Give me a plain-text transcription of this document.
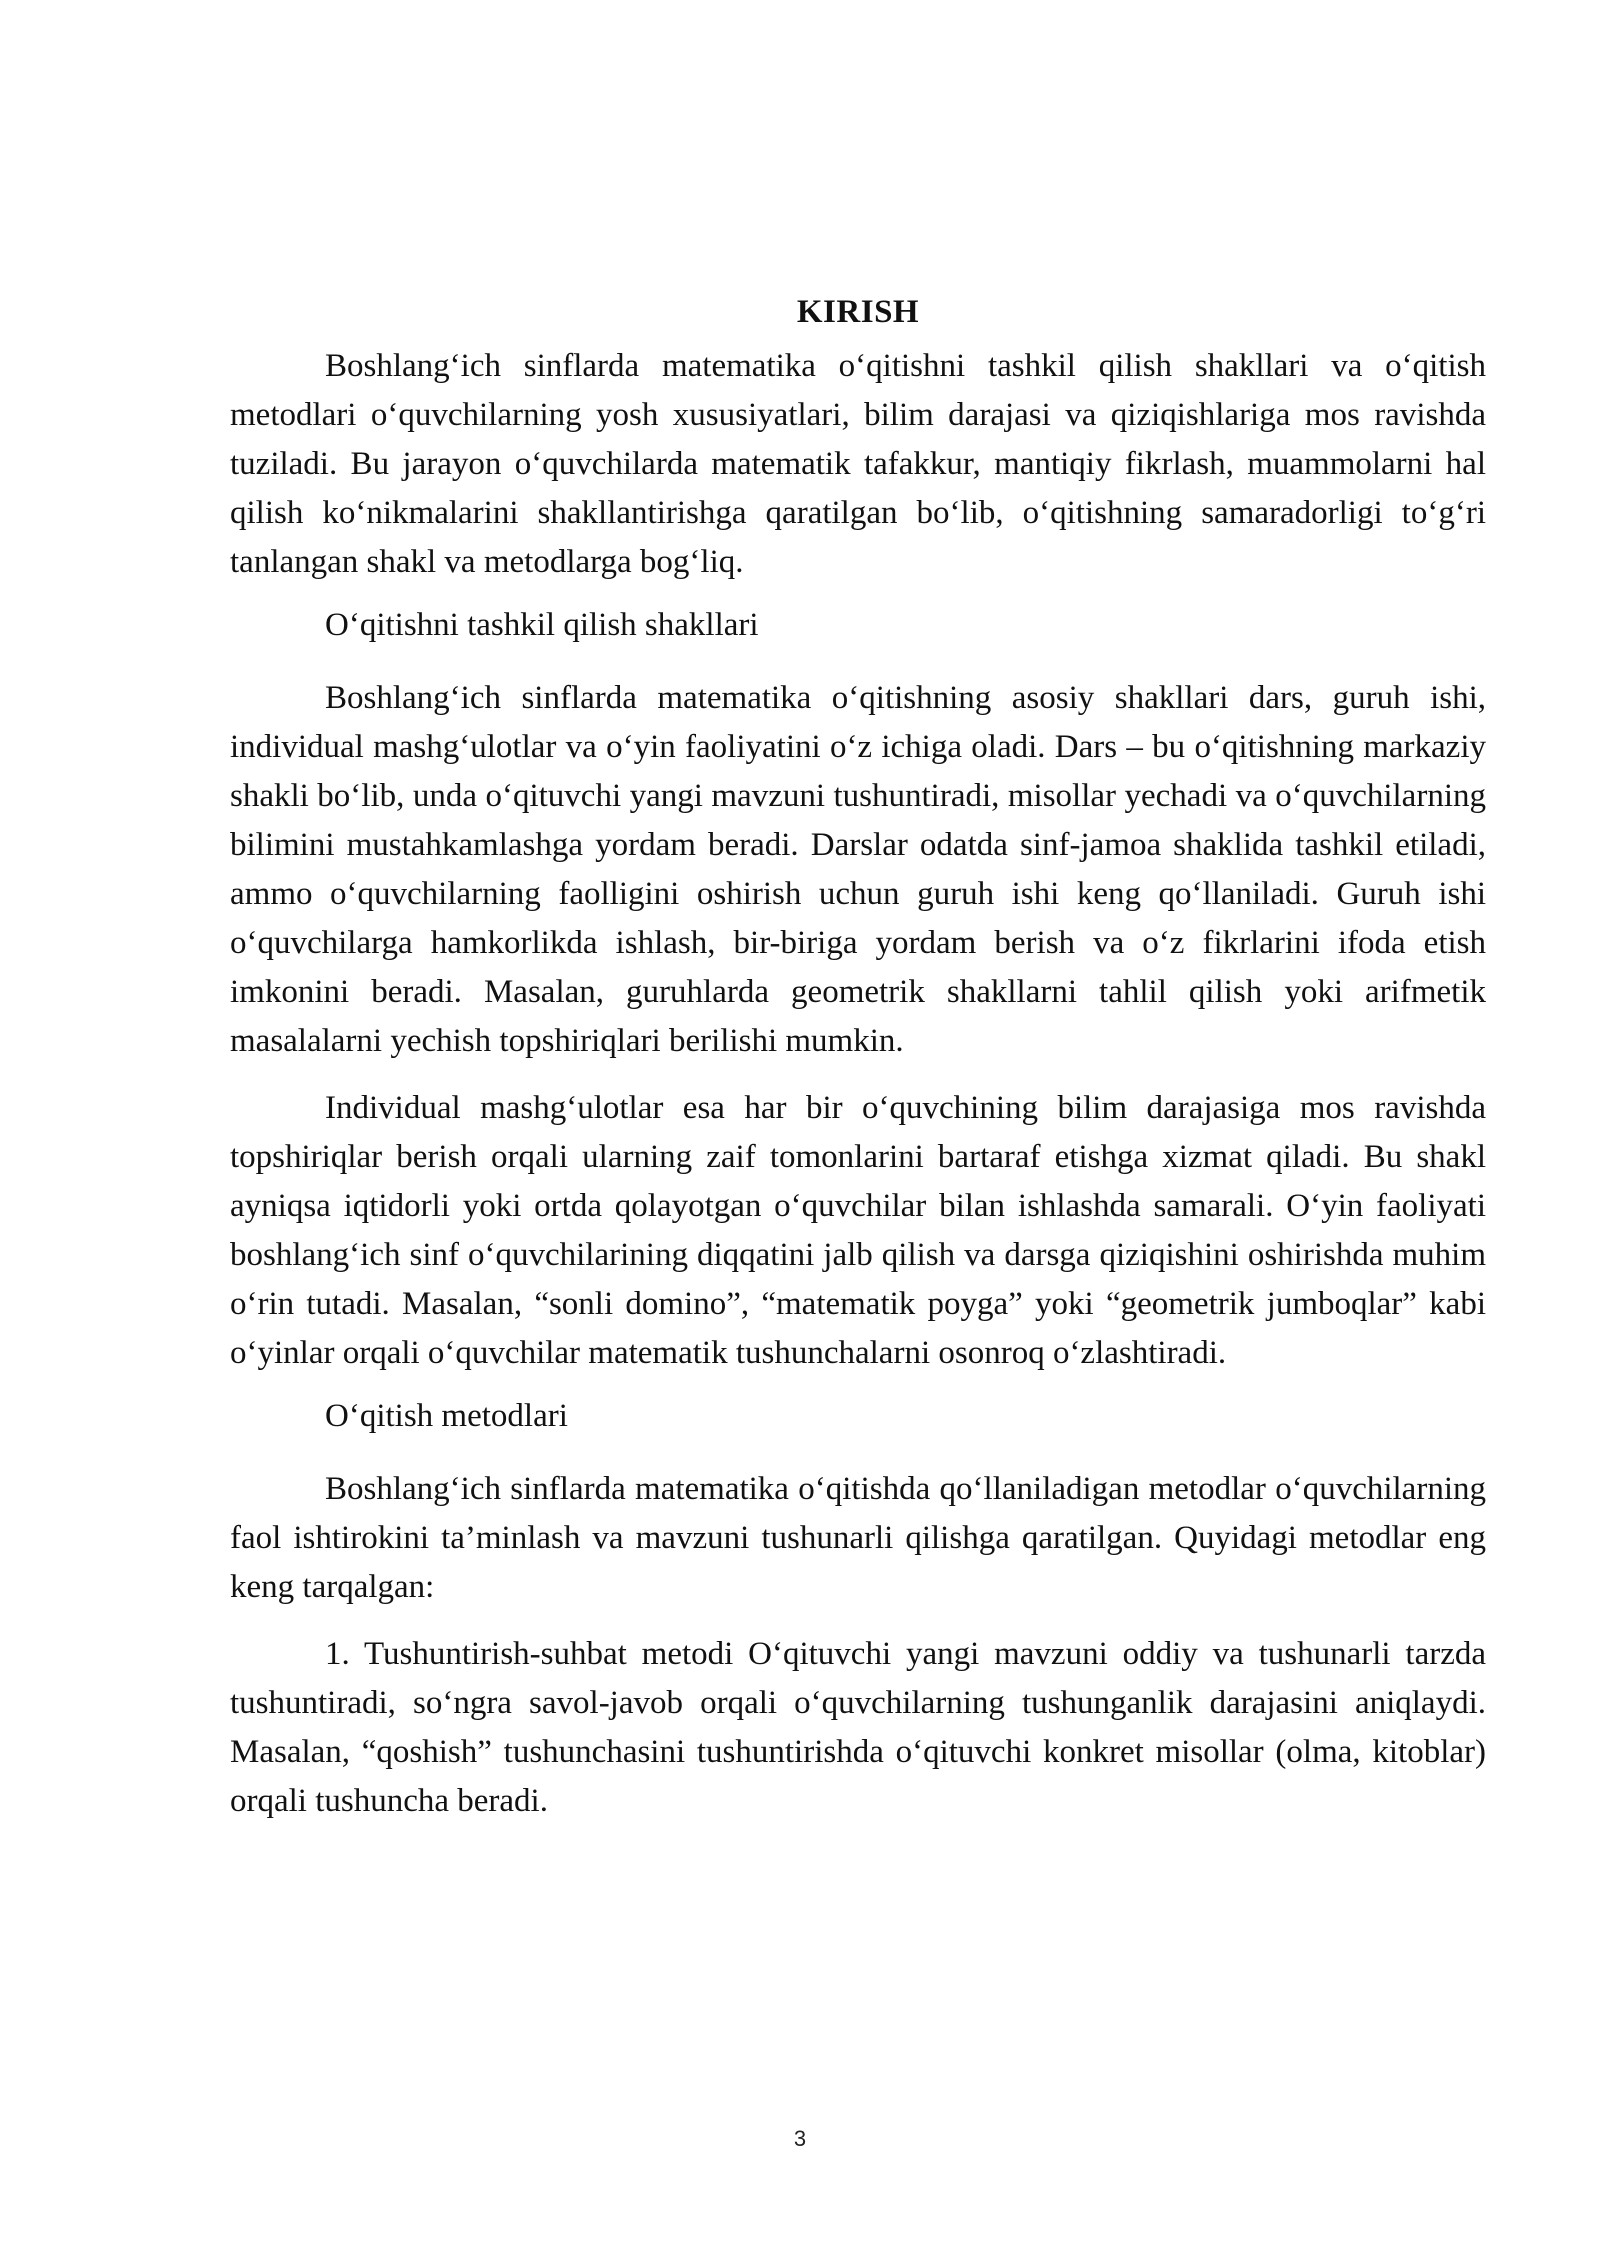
KIRISH

Boshlang‘ich sinflarda matematika o‘qitishni tashkil qilish shakllari va o‘qitish metodlari o‘quvchilarning yosh xususiyatlari, bilim darajasi va qiziqishlariga mos ravishda tuziladi. Bu jarayon o‘quvchilarda matematik tafakkur, mantiqiy fikrlash, muammolarni hal qilish ko‘nikmalarini shakllantirishga qaratilgan bo‘lib, o‘qitishning samaradorligi to‘g‘ri tanlangan shakl va metodlarga bog‘liq.

O‘qitishni tashkil qilish shakllari

Boshlang‘ich sinflarda matematika o‘qitishning asosiy shakllari dars, guruh ishi, individual mashg‘ulotlar va o‘yin faoliyatini o‘z ichiga oladi. Dars – bu o‘qitishning markaziy shakli bo‘lib, unda o‘qituvchi yangi mavzuni tushuntiradi, misollar yechadi va o‘quvchilarning bilimini mustahkamlashga yordam beradi. Darslar odatda sinf-jamoa shaklida tashkil etiladi, ammo o‘quvchilarning faolligini oshirish uchun guruh ishi keng qo‘llaniladi. Guruh ishi o‘quvchilarga hamkorlikda ishlash, bir-biriga yordam berish va o‘z fikrlarini ifoda etish imkonini beradi. Masalan, guruhlarda geometrik shakllarni tahlil qilish yoki arifmetik masalalarni yechish topshiriqlari berilishi mumkin.

Individual mashg‘ulotlar esa har bir o‘quvchining bilim darajasiga mos ravishda topshiriqlar berish orqali ularning zaif tomonlarini bartaraf etishga xizmat qiladi. Bu shakl ayniqsa iqtidorli yoki ortda qolayotgan o‘quvchilar bilan ishlashda samarali. O‘yin faoliyati boshlang‘ich sinf o‘quvchilarining diqqatini jalb qilish va darsga qiziqishini oshirishda muhim o‘rin tutadi. Masalan, “sonli domino”, “matematik poyga” yoki “geometrik jumboqlar” kabi o‘yinlar orqali o‘quvchilar matematik tushunchalarni osonroq o‘zlashtiradi.

O‘qitish metodlari

Boshlang‘ich sinflarda matematika o‘qitishda qo‘llaniladigan metodlar o‘quvchilarning faol ishtirokini ta’minlash va mavzuni tushunarli qilishga qaratilgan. Quyidagi metodlar eng keng tarqalgan:

1. Tushuntirish-suhbat metodi O‘qituvchi yangi mavzuni oddiy va tushunarli tarzda tushuntiradi, so‘ngra savol-javob orqali o‘quvchilarning tushunganlik darajasini aniqlaydi. Masalan, “qoshish” tushunchasini tushuntirishda o‘qituvchi konkret misollar (olma, kitoblar) orqali tushuncha beradi.

3
